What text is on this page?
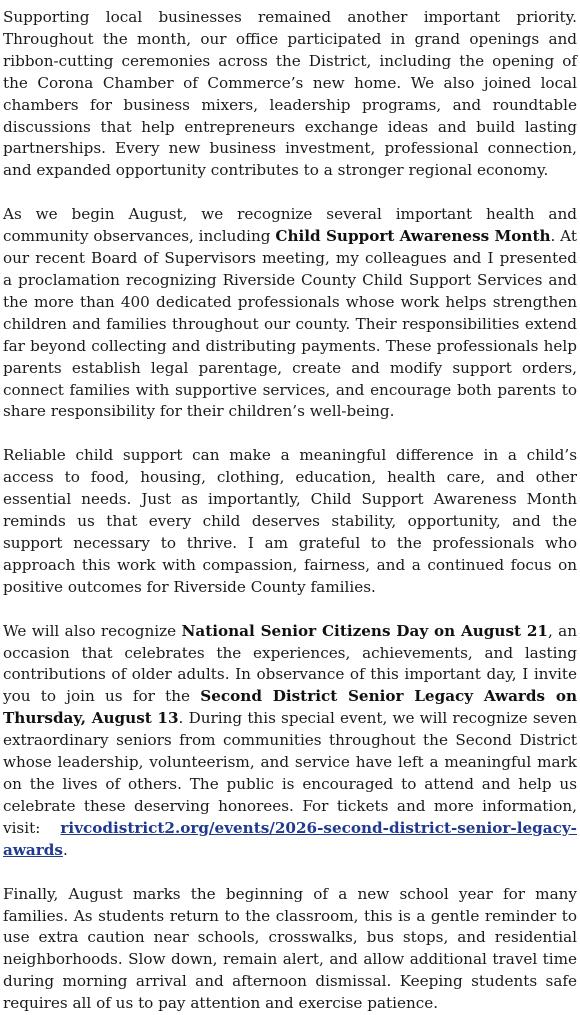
Supporting local businesses remained another important priority. Throughout the month, our office participated in grand openings and ribbon-cutting ceremonies across the District, including the opening of the Corona Chamber of Commerce’s new home. We also joined local chambers for business mixers, leadership programs, and roundtable discussions that help entrepreneurs exchange ideas and build lasting partnerships. Every new business investment, professional connection, and expanded opportunity contributes to a stronger regional economy.

As we begin August, we recognize several important health and community observances, including Child Support Awareness Month. At our recent Board of Supervisors meeting, my colleagues and I presented a proclamation recognizing Riverside County Child Support Services and the more than 400 dedicated professionals whose work helps strengthen children and families throughout our county. Their responsibilities extend far beyond collecting and distributing payments. These professionals help parents establish legal parentage, create and modify support orders, connect families with supportive services, and encourage both parents to share responsibility for their children’s well-being.

Reliable child support can make a meaningful difference in a child’s access to food, housing, clothing, education, health care, and other essential needs. Just as importantly, Child Support Awareness Month reminds us that every child deserves stability, opportunity, and the support necessary to thrive. I am grateful to the professionals who approach this work with compassion, fairness, and a continued focus on positive outcomes for Riverside County families.

We will also recognize National Senior Citizens Day on August 21, an occasion that celebrates the experiences, achievements, and lasting contributions of older adults. In observance of this important day, I invite you to join us for the Second District Senior Legacy Awards on Thursday, August 13. During this special event, we will recognize seven extraordinary seniors from communities throughout the Second District whose leadership, volunteerism, and service have left a meaningful mark on the lives of others. The public is encouraged to attend and help us celebrate these deserving honorees. For tickets and more information, visit: rivcodistrict2.org/events/2026-second-district-senior-legacy-awards.

Finally, August marks the beginning of a new school year for many families. As students return to the classroom, this is a gentle reminder to use extra caution near schools, crosswalks, bus stops, and residential neighborhoods. Slow down, remain alert, and allow additional travel time during morning arrival and afternoon dismissal. Keeping students safe requires all of us to pay attention and exercise patience.
